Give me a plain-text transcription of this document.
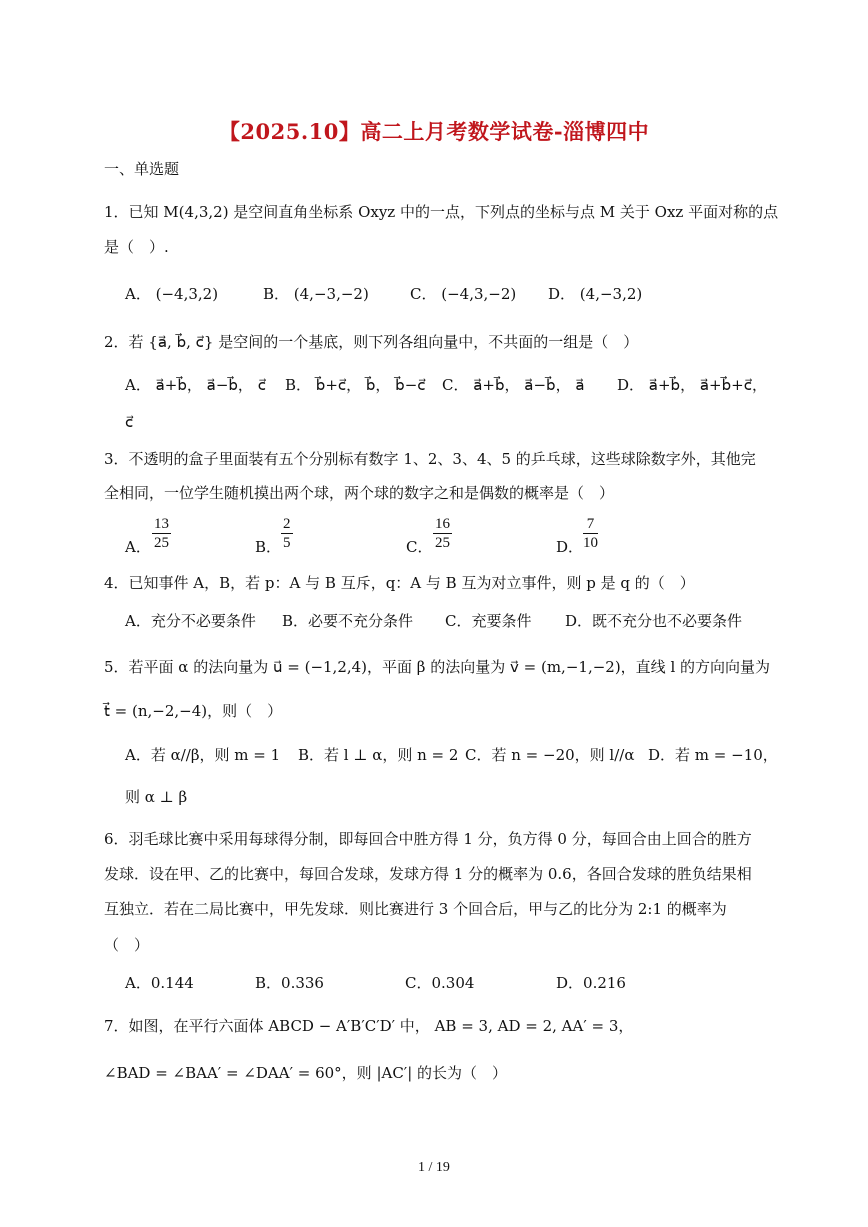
【2025.10】高二上月考数学试卷-淄博四中
一、单选题
1．已知 M(4,3,2) 是空间直角坐标系 Oxyz 中的一点，下列点的坐标与点 M 关于 Oxz 平面对称的点
是（　）.
A． (−4,3,2)	B． (4,−3,−2)	C． (−4,3,−2) D． (4,−3,2)
2．若 {a⃗, b⃗, c⃗} 是空间的一个基底，则下列各组向量中，不共面的一组是（　）
A． a⃗+b⃗， a⃗−b⃗， c⃗ B． b⃗+c⃗， b⃗， b⃗−c⃗ C． a⃗+b⃗， a⃗−b⃗， a⃗ D． a⃗+b⃗， a⃗+b⃗+c⃗，
c⃗
3．不透明的盒子里面装有五个分别标有数字 1、2、3、4、5 的乒乓球，这些球除数字外，其他完
全相同，一位学生随机摸出两个球，两个球的数字之和是偶数的概率是（　）
A． $\frac{13}{25}$	B． $\frac{2}{5}$	C． $\frac{16}{25}$	D． $\frac{7}{10}$
4．已知事件 A，B，若 p：A 与 B 互斥，q：A 与 B 互为对立事件，则 p 是 q 的（　）
A．充分不必要条件 B．必要不充分条件 C．充要条件 D．既不充分也不必要条件
5．若平面 α 的法向量为 u⃗ = (−1,2,4)，平面 β 的法向量为 v⃗ = (m,−1,−2)，直线 l 的方向向量为
t⃗ = (n,−2,−4)，则（　）
A．若 α//β，则 m = 1 B．若 l ⊥ α，则 n = 2 C．若 n = −20，则 l//α D．若 m = −10，
则 α ⊥ β
6．羽毛球比赛中采用每球得分制，即每回合中胜方得 1 分，负方得 0 分，每回合由上回合的胜方
发球．设在甲、乙的比赛中，每回合发球，发球方得 1 分的概率为 0.6，各回合发球的胜负结果相
互独立．若在二局比赛中，甲先发球．则比赛进行 3 个回合后，甲与乙的比分为 2:1 的概率为
（　）
A．0.144	B．0.336	C．0.304	D．0.216
7．如图，在平行六面体 ABCD − A′B′C′D′ 中， AB = 3, AD = 2, AA′ = 3，
∠BAD = ∠BAA′ = ∠DAA′ = 60°，则 |AC′| 的长为（　）
1 / 19
